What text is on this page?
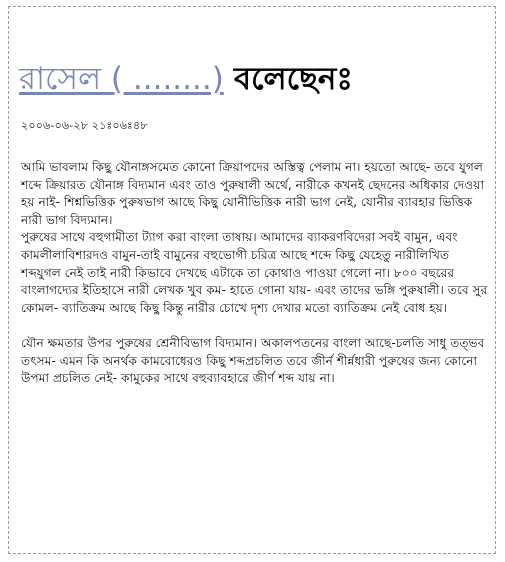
রাসেল ( ........) বলেছেনঃ
২০০৬-০৬-২৮ ২১ঃ০৬ঃ৪৮

আমি ভাবলাম কিছু যৌনাঙ্গসমেত কোনো ক্রিয়াপদের অস্তিত্ব পেলাম না। হয়তো আছে- তবে যুগল শব্দে ক্রিয়ারত যৌনাঙ্গ বিদ্যমান এবং তাও পুরুষালী অর্থে, নারীকে কখনই ছেদনের অধিকার দেওয়া হয় নাই- শিশ্নভিত্তিক পুরুষভাগ আছে কিছু যোনীভিত্তিক নারী ভাগ নেই, যোনীর ব্যাবহার ভিত্তিক নারী ভাগ বিদ্যমান।

পুরুষের সাথে বহুগামীতা ট্যাগ করা বাংলা তাষায়। আমাদের ব্যাকরণবিদেরা সবই বামুন, এবং কামলীলাবিশারদও বামুন-তাই বামুনের বহুভোগী চরিত্র আছে শব্দে কিছু যেহেতু নারীলিখিত শব্দযুগল নেই তাই নারী কিভাবে দেখছে এটাকে তা কোথাও পাওয়া গেলো না। ৮০০ বছরের বাংলাগদ্যের ইতিহাসে নারী লেখক খুব কম- হাতে গোনা যায়- এবং তাদের ভঙ্গি পুরুষালী। তবে সুর কোমল- ব্যাতিক্রম আছে কিছু কিন্তু নারীর চোখে দৃশ্য দেখার মতো ব্যাতিক্রম নেই বোধ হয়।

যৌন ক্ষমতার উপর পুরুষের শ্রেনীবিভাগ বিদ্যমান। অকালপতনের বাংলা আছে-চলতি সাধু তত্ভব তৎসম- এমন কি অনর্থক কামবোধেরও কিছু শব্দপ্রচলিত তবে জীর্ন শীর্ন্নধারী পুরুষের জন্য কোনো উপমা প্রচলিত নেই- কামুকের সাথে বহুব্যাবহারে জীর্ণ শব্দ যায় না।
